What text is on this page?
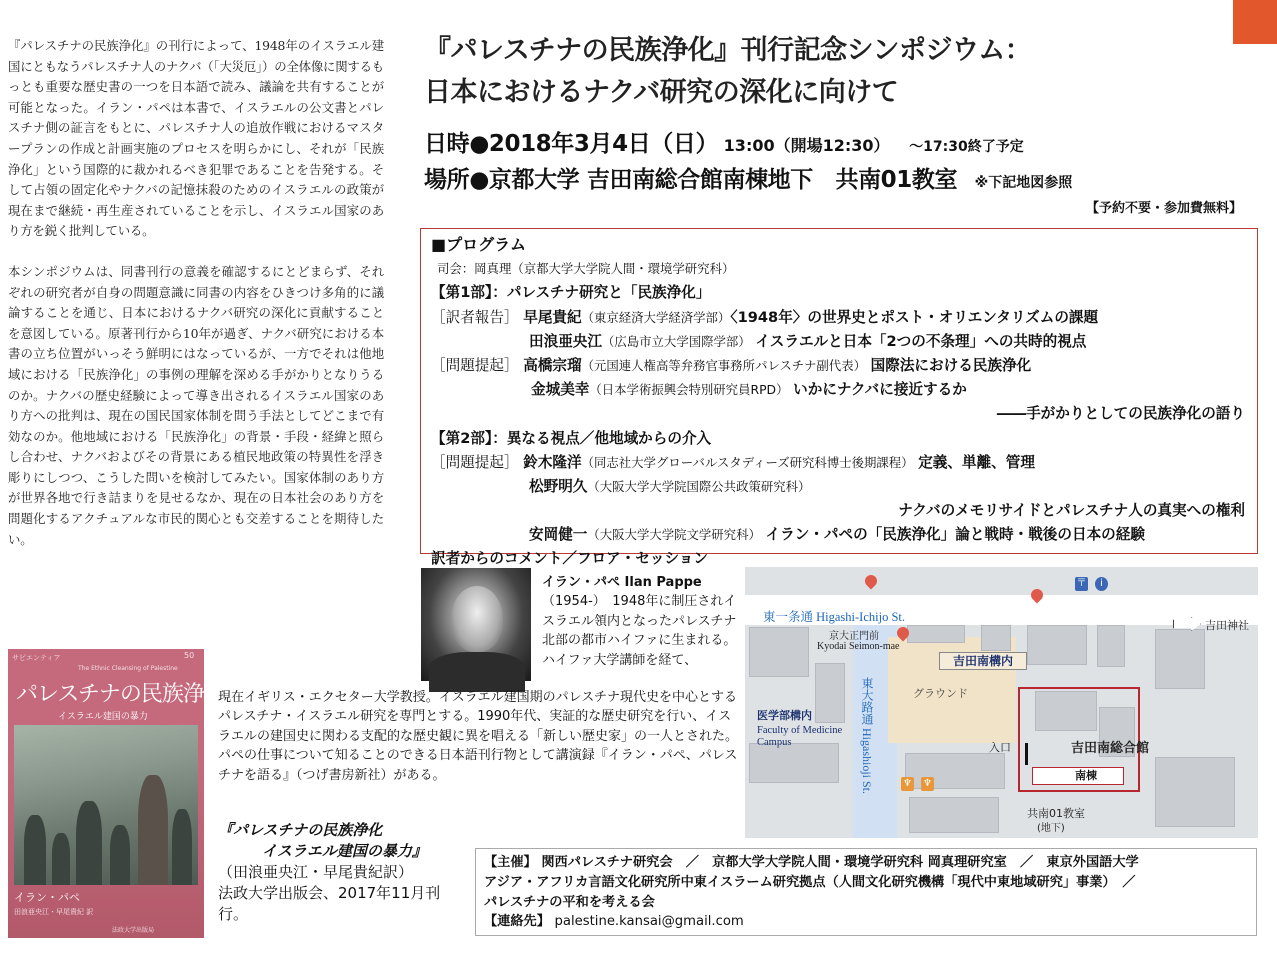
『パレスチナの民族浄化』の刊行によって、1948年のイスラエル建国にともなうパレスチナ人のナクバ（「大災厄」）の全体像に関するもっとも重要な歴史書の一つを日本語で読み、議論を共有することが可能となった。イラン・パペは本書で、イスラエルの公文書とパレスチナ側の証言をもとに、パレスチナ人の追放作戦におけるマスタープランの作成と計画実施のプロセスを明らかにし、それが「民族浄化」という国際的に裁かれるべき犯罪であることを告発する。そして占領の固定化やナクバの記憶抹殺のためのイスラエルの政策が現在まで継続・再生産されていることを示し、イスラエル国家のあり方を鋭く批判している。

本シンポジウムは、同書刊行の意義を確認するにとどまらず、それぞれの研究者が自身の問題意識に同書の内容をひきつけ多角的に議論することを通じ、日本におけるナクバ研究の深化に貢献することを意図している。原著刊行から10年が過ぎ、ナクバ研究における本書の立ち位置がいっそう鮮明にはなっているが、一方でそれは他地域における「民族浄化」の事例の理解を深める手がかりとなりうるのか。ナクバの歴史経験によって導き出されるイスラエル国家のあり方への批判は、現在の国民国家体制を問う手法としてどこまで有効なのか。他地域における「民族浄化」の背景・手段・経緯と照らし合わせ、ナクバおよびその背景にある植民地政策の特異性を浮き彫りにしつつ、こうした問いを検討してみたい。国家体制のあり方が世界各地で行き詰まりを見せるなか、現在の日本社会のあり方を問題化するアクチュアルな市民的関心とも交差することを期待したい。

『パレスチナの民族浄化』刊行記念シンポジウム：
日本におけるナクバ研究の深化に向けて
日時●2018年3月4日（日） 13:00（開場12:30） 〜17:30終了予定
場所●京都大学 吉田南総合館南棟地下　共南01教室 ※下記地図参照
【予約不要・参加費無料】
■プログラム
司会：岡真理（京都大学大学院人間・環境学研究科）
【第1部】：パレスチナ研究と「民族浄化」
［訳者報告］ 早尾貴紀（東京経済大学経済学部）〈1948年〉の世界史とポスト・オリエンタリズムの課題
田浪亜央江（広島市立大学国際学部） イスラエルと日本「2つの不条理」への共時的視点
［問題提起］ 高橋宗瑠（元国連人権高等弁務官事務所パレスチナ副代表） 国際法における民族浄化
金城美幸（日本学術振興会特別研究員RPD） いかにナクバに接近するか
――手がかりとしての民族浄化の語り
【第2部】：異なる視点／他地域からの介入
［問題提起］ 鈴木隆洋（同志社大学グローバルスタディーズ研究科博士後期課程） 定義、単離、管理
松野明久（大阪大学大学院国際公共政策研究科）
ナクバのメモリサイドとパレスチナ人の真実への権利
安岡健一（大阪大学大学院文学研究科） イラン・パペの「民族浄化」論と戦時・戦後の日本の経験
訳者からのコメント／フロア・セッション
イラン・パペ Ilan Pappe
（1954-）　1948年に制圧されイスラエル領内となったパレスチナ北部の都市ハイファに生まれる。ハイファ大学講師を経て、
現在イギリス・エクセター大学教授。イスラエル建国期のパレスチナ現代史を中心とするパレスチナ・イスラエル研究を専門とする。1990年代、実証的な歴史研究を行い、イスラエルの建国史に関わる支配的な歴史観に異を唱える「新しい歴史家」の一人とされた。パペの仕事について知ることのできる日本語刊行物として講演録『イラン・パペ、パレスチナを語る』（つげ書房新社）がある。
サピエンティア	50
The Ethnic Cleansing of Palestine
パレスチナの民族浄化
イスラエル建国の暴力
イラン・パペ
田浪亜央江・早尾貴紀 訳
法政大学出版局
『パレスチナの民族浄化
イスラエル建国の暴力』
（田浪亜央江・早尾貴紀訳）
法政大学出版会、2017年11月刊行。
南棟
東一条通 Higashi-Ichijo St.
京大正門前
Kyodai Seimon-mae
吉田南構内
グラウンド
医学部構内
Faculty of Medicine Campus	東大路通 Higashioji St.	入口	吉田南総合館
共南01教室
(地下)
吉田神社
〒	i
♆ ♆
【主催】 関西パレスチナ研究会　／　京都大学大学院人間・環境学研究科 岡真理研究室　／　東京外国語大学
アジア・アフリカ言語文化研究所中東イスラーム研究拠点（人間文化研究機構「現代中東地域研究」事業）　／
パレスチナの平和を考える会
【連絡先】 palestine.kansai@gmail.com
